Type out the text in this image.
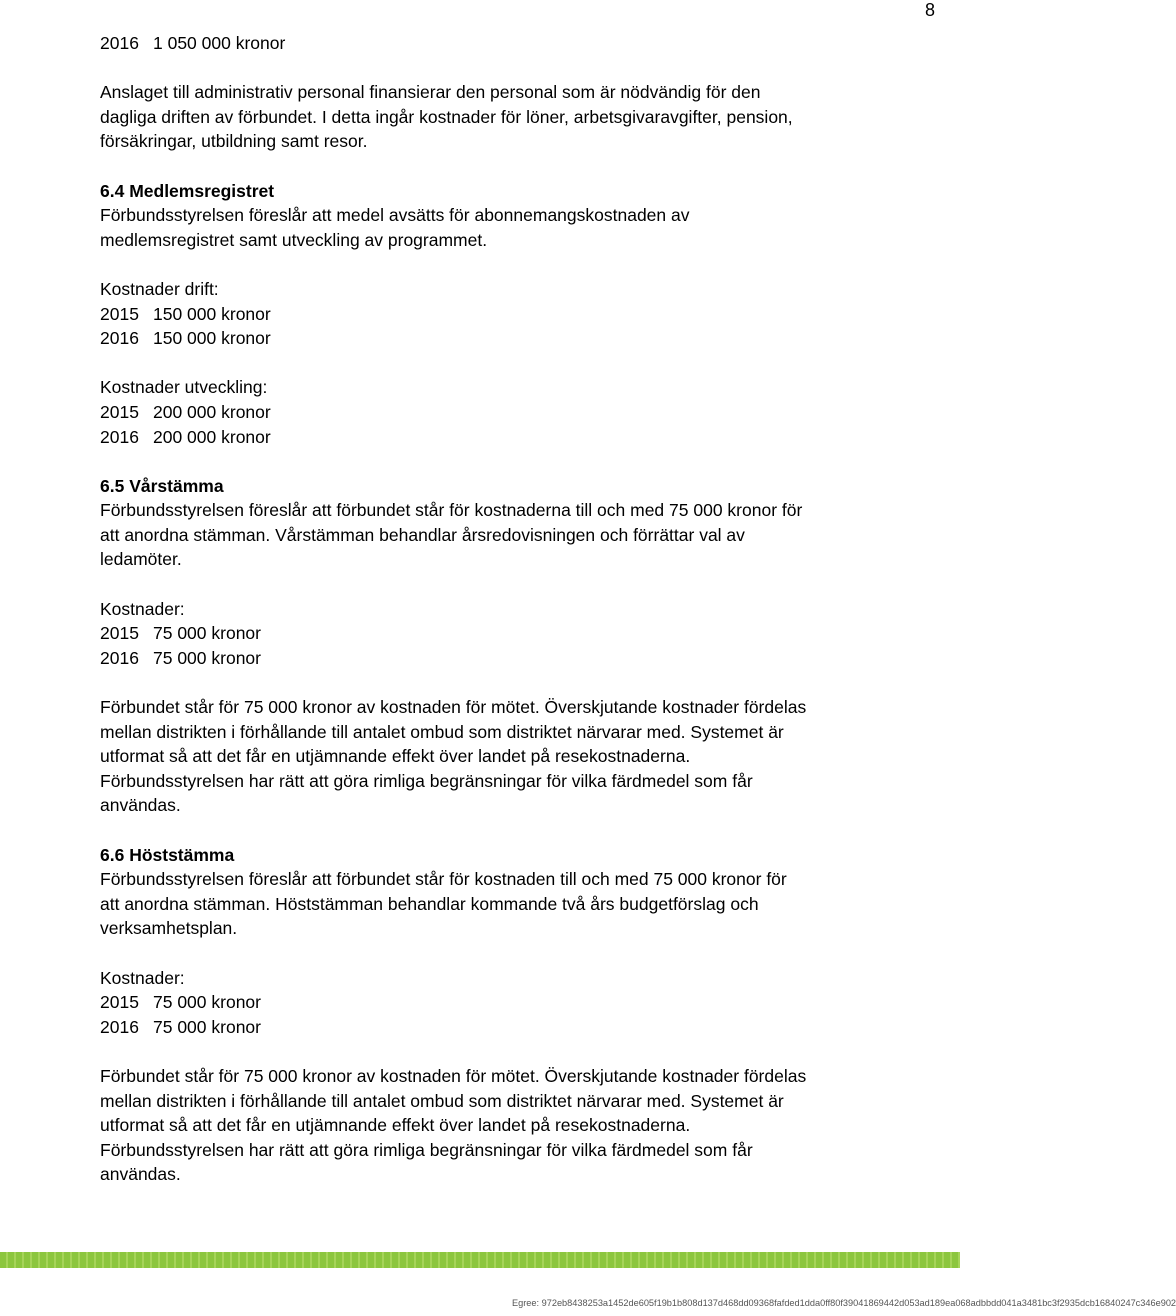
8
2016 1 050 000 kronor
Anslaget till administrativ personal finansierar den personal som är nödvändig för den
dagliga driften av förbundet. I detta ingår kostnader för löner, arbetsgivaravgifter, pension,
försäkringar, utbildning samt resor.
6.4 Medlemsregistret
Förbundsstyrelsen föreslår att medel avsätts för abonnemangskostnaden av
medlemsregistret samt utveckling av programmet.
Kostnader drift:
2015 150 000 kronor
2016 150 000 kronor
Kostnader utveckling:
2015 200 000 kronor
2016 200 000 kronor
6.5 Vårstämma
Förbundsstyrelsen föreslår att förbundet står för kostnaderna till och med 75 000 kronor för
att anordna stämman. Vårstämman behandlar årsredovisningen och förrättar val av
ledamöter.
Kostnader:
2015 75 000 kronor
2016 75 000 kronor
Förbundet står för 75 000 kronor av kostnaden för mötet. Överskjutande kostnader fördelas
mellan distrikten i förhållande till antalet ombud som distriktet närvarar med. Systemet är
utformat så att det får en utjämnande effekt över landet på resekostnaderna.
Förbundsstyrelsen har rätt att göra rimliga begränsningar för vilka färdmedel som får
användas.
6.6 Höststämma
Förbundsstyrelsen föreslår att förbundet står för kostnaden till och med 75 000 kronor för
att anordna stämman. Höststämman behandlar kommande två års budgetförslag och
verksamhetsplan.
Kostnader:
2015 75 000 kronor
2016 75 000 kronor
Förbundet står för 75 000 kronor av kostnaden för mötet. Överskjutande kostnader fördelas
mellan distrikten i förhållande till antalet ombud som distriktet närvarar med. Systemet är
utformat så att det får en utjämnande effekt över landet på resekostnaderna.
Förbundsstyrelsen har rätt att göra rimliga begränsningar för vilka färdmedel som får
användas.
Egree: 972eb8438253a1452de605f19b1b808d137d468dd09368fafded1dda0ff80f39041869442d053ad189ea068adbbdd041a3481bc3f2935dcb16840247c346e902
